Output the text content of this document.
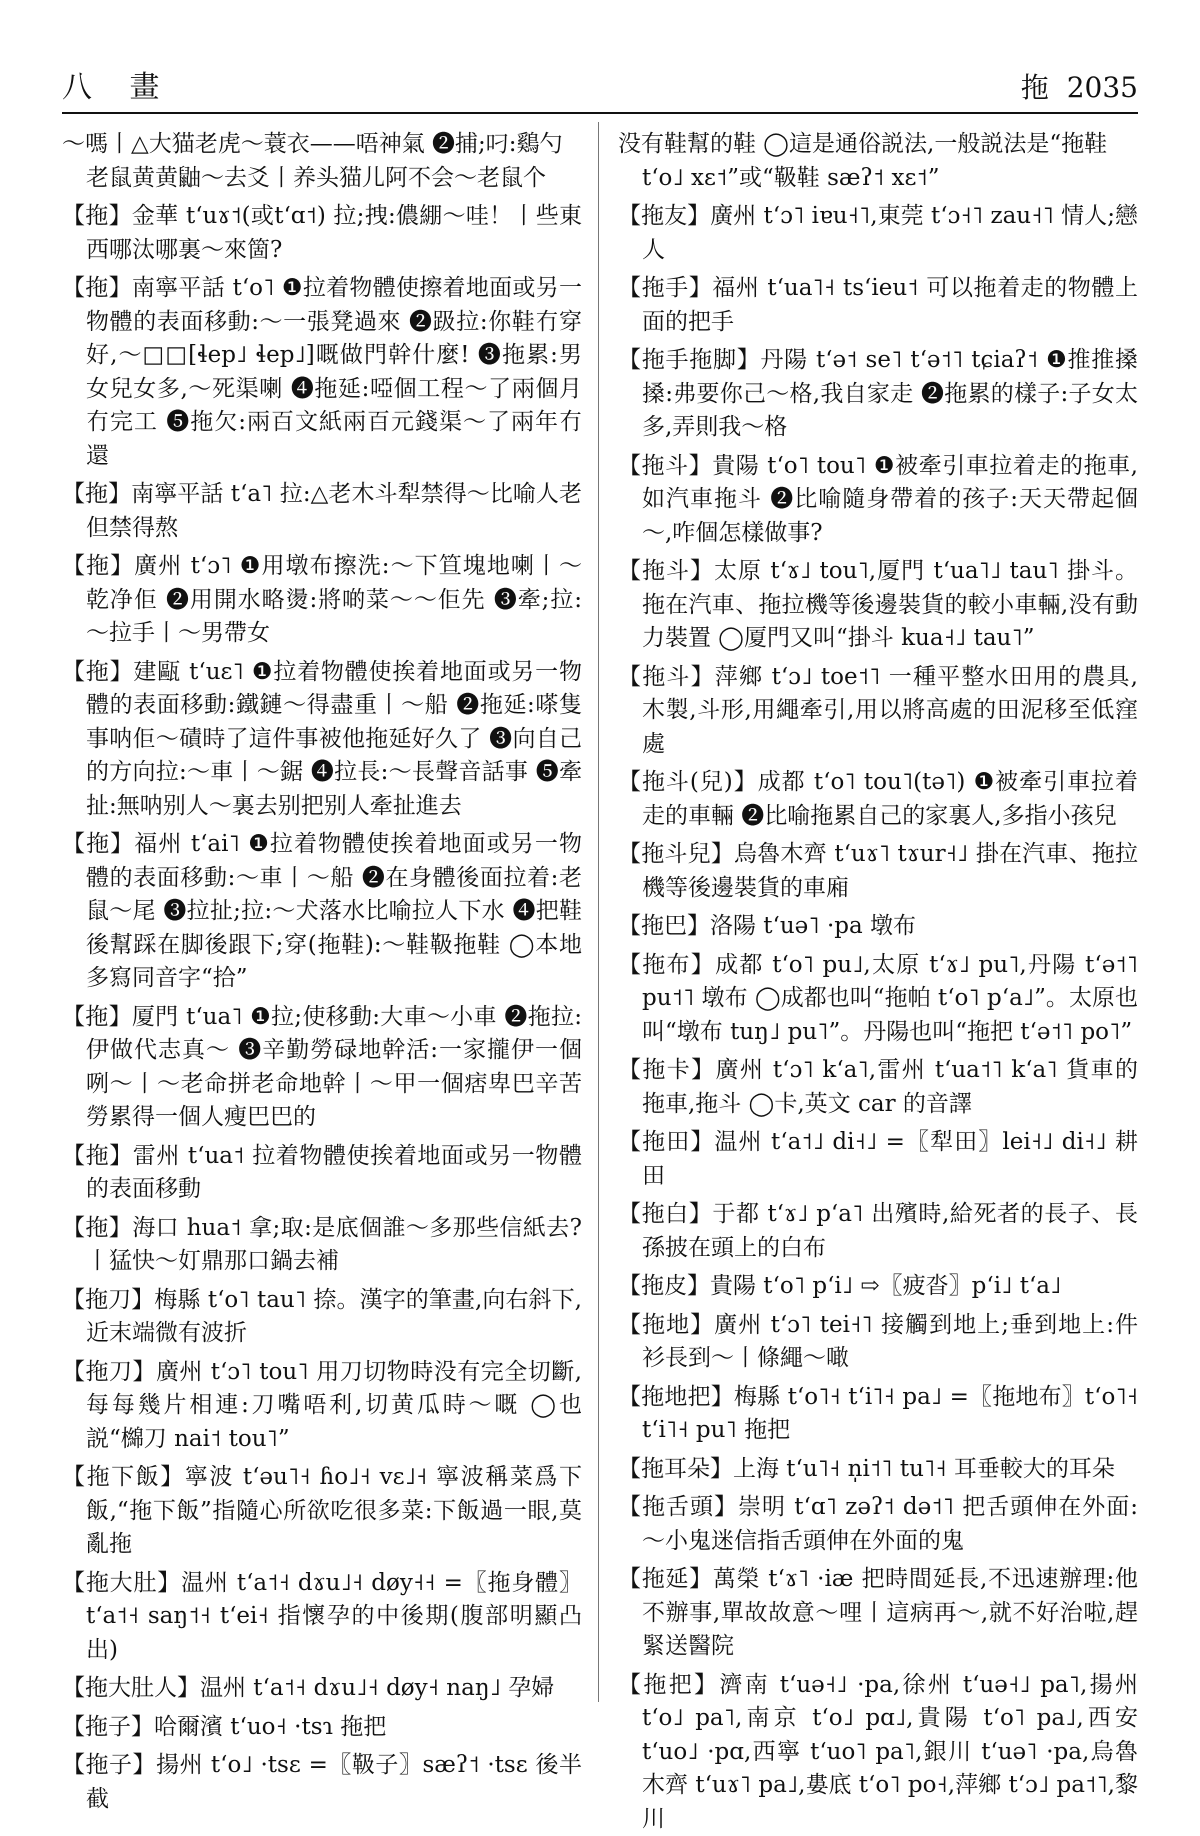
八 畫	拖 2035

～嗎丨△大猫老虎～蓑衣——唔神氣 ❷捕;叼:鷄勺老鼠黄黄鼬～去爻丨养头猫儿阿不会～老鼠个

【拖】金華 tʻuɤ˦(或tʻɑ˦) 拉;拽:儂綳～哇！丨些東西哪汰哪裏～來箇?

【拖】南寧平話 tʻo˥ ❶拉着物體使擦着地面或另一物體的表面移動:～一張凳過來 ❷趿拉:你鞋冇穿好,～□□[ɬep˩ ɬep˩]嘅做門幹什麼! ❸拖累:男女兒女多,～死渠喇 ❹拖延:啞個工程～了兩個月冇完工 ❺拖欠:兩百文紙兩百元錢渠～了兩年冇還

【拖】南寧平話 tʻa˥ 拉:△老木斗犁禁得～比喻人老但禁得熬

【拖】廣州 tʻɔ˥ ❶用墩布擦洗:～下笪塊地喇丨～乾净佢 ❷用開水略燙:將啲菜～～佢先 ❸牽;拉:～拉手丨～男帶女

【拖】建甌 tʻuɛ˥ ❶拉着物體使挨着地面或另一物體的表面移動:鐵鏈～得盡重丨～船 ❷拖延:嗏隻事呐佢～磧時了這件事被他拖延好久了 ❸向自己的方向拉:～車丨～鋸 ❹拉長:～長聲音話事 ❺牽扯:無呐别人～裏去别把别人牽扯進去

【拖】福州 tʻai˥ ❶拉着物體使挨着地面或另一物體的表面移動:～車丨～船 ❷在身體後面拉着:老鼠～尾 ❸拉扯;拉:～犬落水比喻拉人下水 ❹把鞋後幫踩在脚後跟下;穿(拖鞋):～鞋靸拖鞋 ◯本地多寫同音字“拾”

【拖】厦門 tʻua˥ ❶拉;使移動:大車～小車 ❷拖拉:伊做代志真～ ❸辛勤勞碌地幹活:一家攏伊一個咧～丨～老命拼老命地幹丨～甲一個痞卑巴辛苦勞累得一個人瘦巴巴的

【拖】雷州 tʻua˦ 拉着物體使挨着地面或另一物體的表面移動

【拖】海口 hua˦ 拿;取:是底個誰～多那些信紙去? 丨猛快～奵鼎那口鍋去補

【拖刀】梅縣 tʻo˥ tau˥ 捺。漢字的筆畫,向右斜下,近末端微有波折

【拖刀】廣州 tʻɔ˥ tou˥ 用刀切物時没有完全切斷,每每幾片相連:刀嘴唔利,切黄瓜時～嘅 ◯也説“檰刀 nai˦ tou˥”

【拖下飯】寧波 tʻəu˥˧ ɦo˩˧ vɛ˩˧ 寧波稱菜爲下飯,“拖下飯”指隨心所欲吃很多菜:下飯過一眼,莫亂拖

【拖大肚】温州 tʻa˦˧ dɤu˩˧ døy˧˧ =〖拖身體〗tʻa˦˧ saŋ˦˧ tʻei˧ 指懷孕的中後期(腹部明顯凸出)

【拖大肚人】温州 tʻa˦˧ dɤu˩˧ døy˧ naŋ˩ 孕婦

【拖子】哈爾濱 tʻuo˧ ·tsɿ 拖把

【拖子】揚州 tʻo˩ ·tsɛ =〖靸子〗sæʔ˦ ·tsɛ 後半截

没有鞋幫的鞋 ◯這是通俗説法,一般説法是“拖鞋 tʻo˩ xɛ˦”或“靸鞋 sæʔ˦ xɛ˦”

【拖友】廣州 tʻɔ˥ iɐu˧˥,東莞 tʻɔ˧˥ zau˧˥ 情人;戀人

【拖手】福州 tʻua˥˧ tsʻieu˦ 可以拖着走的物體上面的把手

【拖手拖脚】丹陽 tʻə˦ se˥ tʻə˦˥ tɕiaʔ˦ ❶推推搡搡:弗要你己～格,我自家走 ❷拖累的樣子:子女太多,弄則我～格

【拖斗】貴陽 tʻo˥ tou˥ ❶被牽引車拉着走的拖車,如汽車拖斗 ❷比喻隨身帶着的孩子:天天帶起個～,咋個怎樣做事?

【拖斗】太原 tʻɤ˩ tou˥,厦門 tʻua˥˩ tau˥ 掛斗。拖在汽車、拖拉機等後邊裝貨的較小車輛,没有動力裝置 ◯厦門又叫“掛斗 kua˧˩ tau˥”

【拖斗】萍鄉 tʻɔ˩ toe˦˥ 一種平整水田用的農具,木製,斗形,用繩牽引,用以將高處的田泥移至低窪處

【拖斗(兒)】成都 tʻo˥ tou˥(tə˥) ❶被牽引車拉着走的車輛 ❷比喻拖累自己的家裏人,多指小孩兒

【拖斗兒】烏魯木齊 tʻuɤ˥ tɤur˧˩ 掛在汽車、拖拉機等後邊裝貨的車廂

【拖巴】洛陽 tʻuə˥ ·pa 墩布

【拖布】成都 tʻo˥ pu˩,太原 tʻɤ˩ pu˥,丹陽 tʻə˦˥ pu˦˥ 墩布 ◯成都也叫“拖帕 tʻo˥ pʻa˩”。太原也叫“墩布 tuŋ˩ pu˥”。丹陽也叫“拖把 tʻə˦˥ po˥”

【拖卡】廣州 tʻɔ˥ kʻa˥,雷州 tʻua˦˥ kʻa˥ 貨車的拖車,拖斗 ◯卡,英文 car 的音譯

【拖田】温州 tʻa˦˩ di˧˩ =〖犁田〗lei˧˩ di˧˩ 耕田

【拖白】于都 tʻɤ˩ pʻa˥ 出殯時,給死者的長子、長孫披在頭上的白布

【拖皮】貴陽 tʻo˥ pʻi˩ ⇨〖疲沓〗pʻi˩ tʻa˩

【拖地】廣州 tʻɔ˥ tei˧˥ 接觸到地上;垂到地上:件衫長到～丨條繩～噉

【拖地把】梅縣 tʻo˥˧ tʻi˥˧ pa˩ =〖拖地布〗tʻo˥˧ tʻi˥˧ pu˥ 拖把

【拖耳朵】上海 tʻu˥˧ n̩i˦˥ tu˥˧ 耳垂較大的耳朵

【拖舌頭】崇明 tʻɑ˥ zəʔ˦ də˦˥ 把舌頭伸在外面:～小鬼迷信指舌頭伸在外面的鬼

【拖延】萬榮 tʻɤ˥ ·iæ 把時間延長,不迅速辦理:他不辦事,單故故意～哩丨這病再～,就不好治啦,趕緊送醫院

【拖把】濟南 tʻuə˧˩ ·pa,徐州 tʻuə˧˩ pa˥,揚州 tʻo˩ pa˥,南京 tʻo˩ pɑ˩,貴陽 tʻo˥ pa˩,西安 tʻuo˩ ·pɑ,西寧 tʻuo˥ pa˥,銀川 tʻuə˥ ·pa,烏魯木齊 tʻuɤ˥ pa˩,婁底 tʻo˥ po˧,萍鄉 tʻɔ˩ pa˦˥,黎川
